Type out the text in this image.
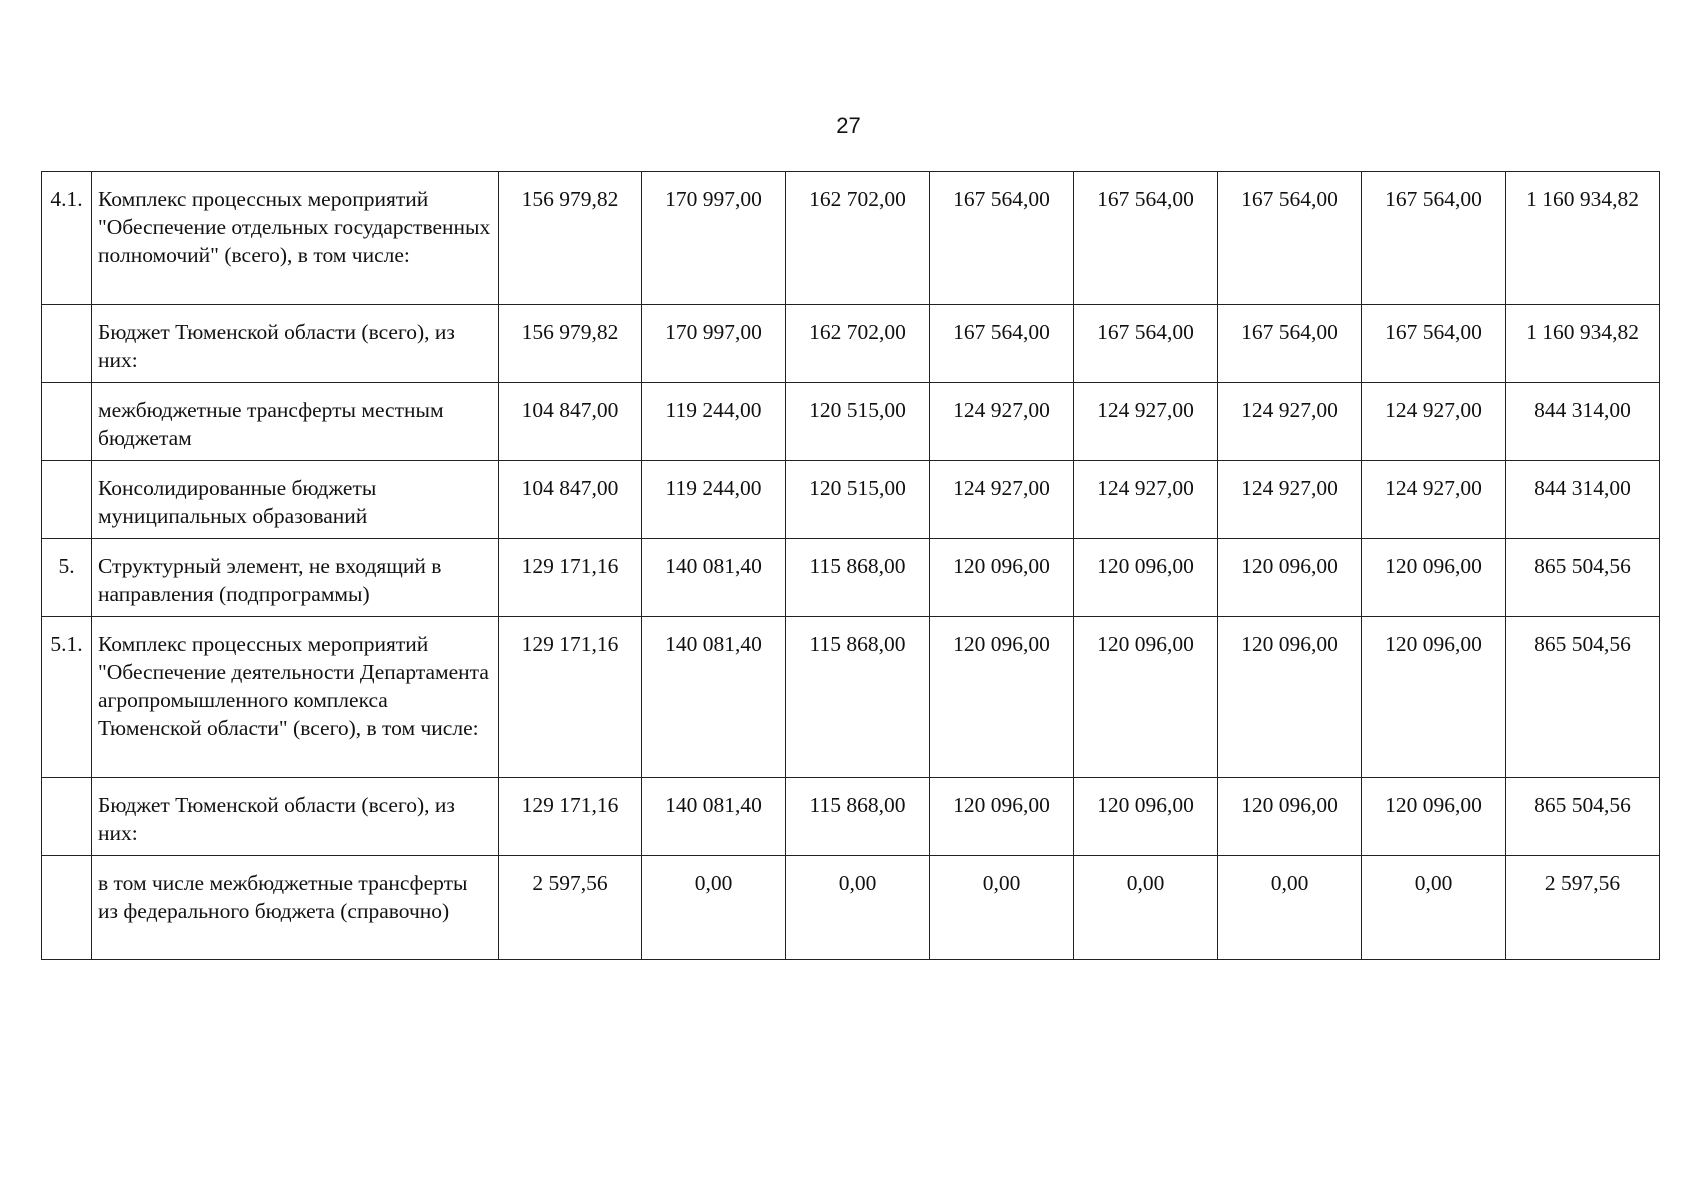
27
4.1.	Комплекс процессных мероприятий "Обеспечение отдельных государственных полномочий" (всего), в том числе:	156 979,82	170 997,00	162 702,00	167 564,00	167 564,00	167 564,00	167 564,00	1 160 934,82
	Бюджет Тюменской области (всего), из них:	156 979,82	170 997,00	162 702,00	167 564,00	167 564,00	167 564,00	167 564,00	1 160 934,82
	межбюджетные трансферты местным бюджетам	104 847,00	119 244,00	120 515,00	124 927,00	124 927,00	124 927,00	124 927,00	844 314,00
	Консолидированные бюджеты муниципальных образований	104 847,00	119 244,00	120 515,00	124 927,00	124 927,00	124 927,00	124 927,00	844 314,00
5.	Структурный элемент, не входящий в направления (подпрограммы)	129 171,16	140 081,40	115 868,00	120 096,00	120 096,00	120 096,00	120 096,00	865 504,56
5.1.	Комплекс процессных мероприятий "Обеспечение деятельности Департамента агропромышленного комплекса Тюменской области" (всего), в том числе:	129 171,16	140 081,40	115 868,00	120 096,00	120 096,00	120 096,00	120 096,00	865 504,56
	Бюджет Тюменской области (всего), из них:	129 171,16	140 081,40	115 868,00	120 096,00	120 096,00	120 096,00	120 096,00	865 504,56
	в том числе межбюджетные трансферты из федерального бюджета (справочно)	2 597,56	0,00	0,00	0,00	0,00	0,00	0,00	2 597,56
